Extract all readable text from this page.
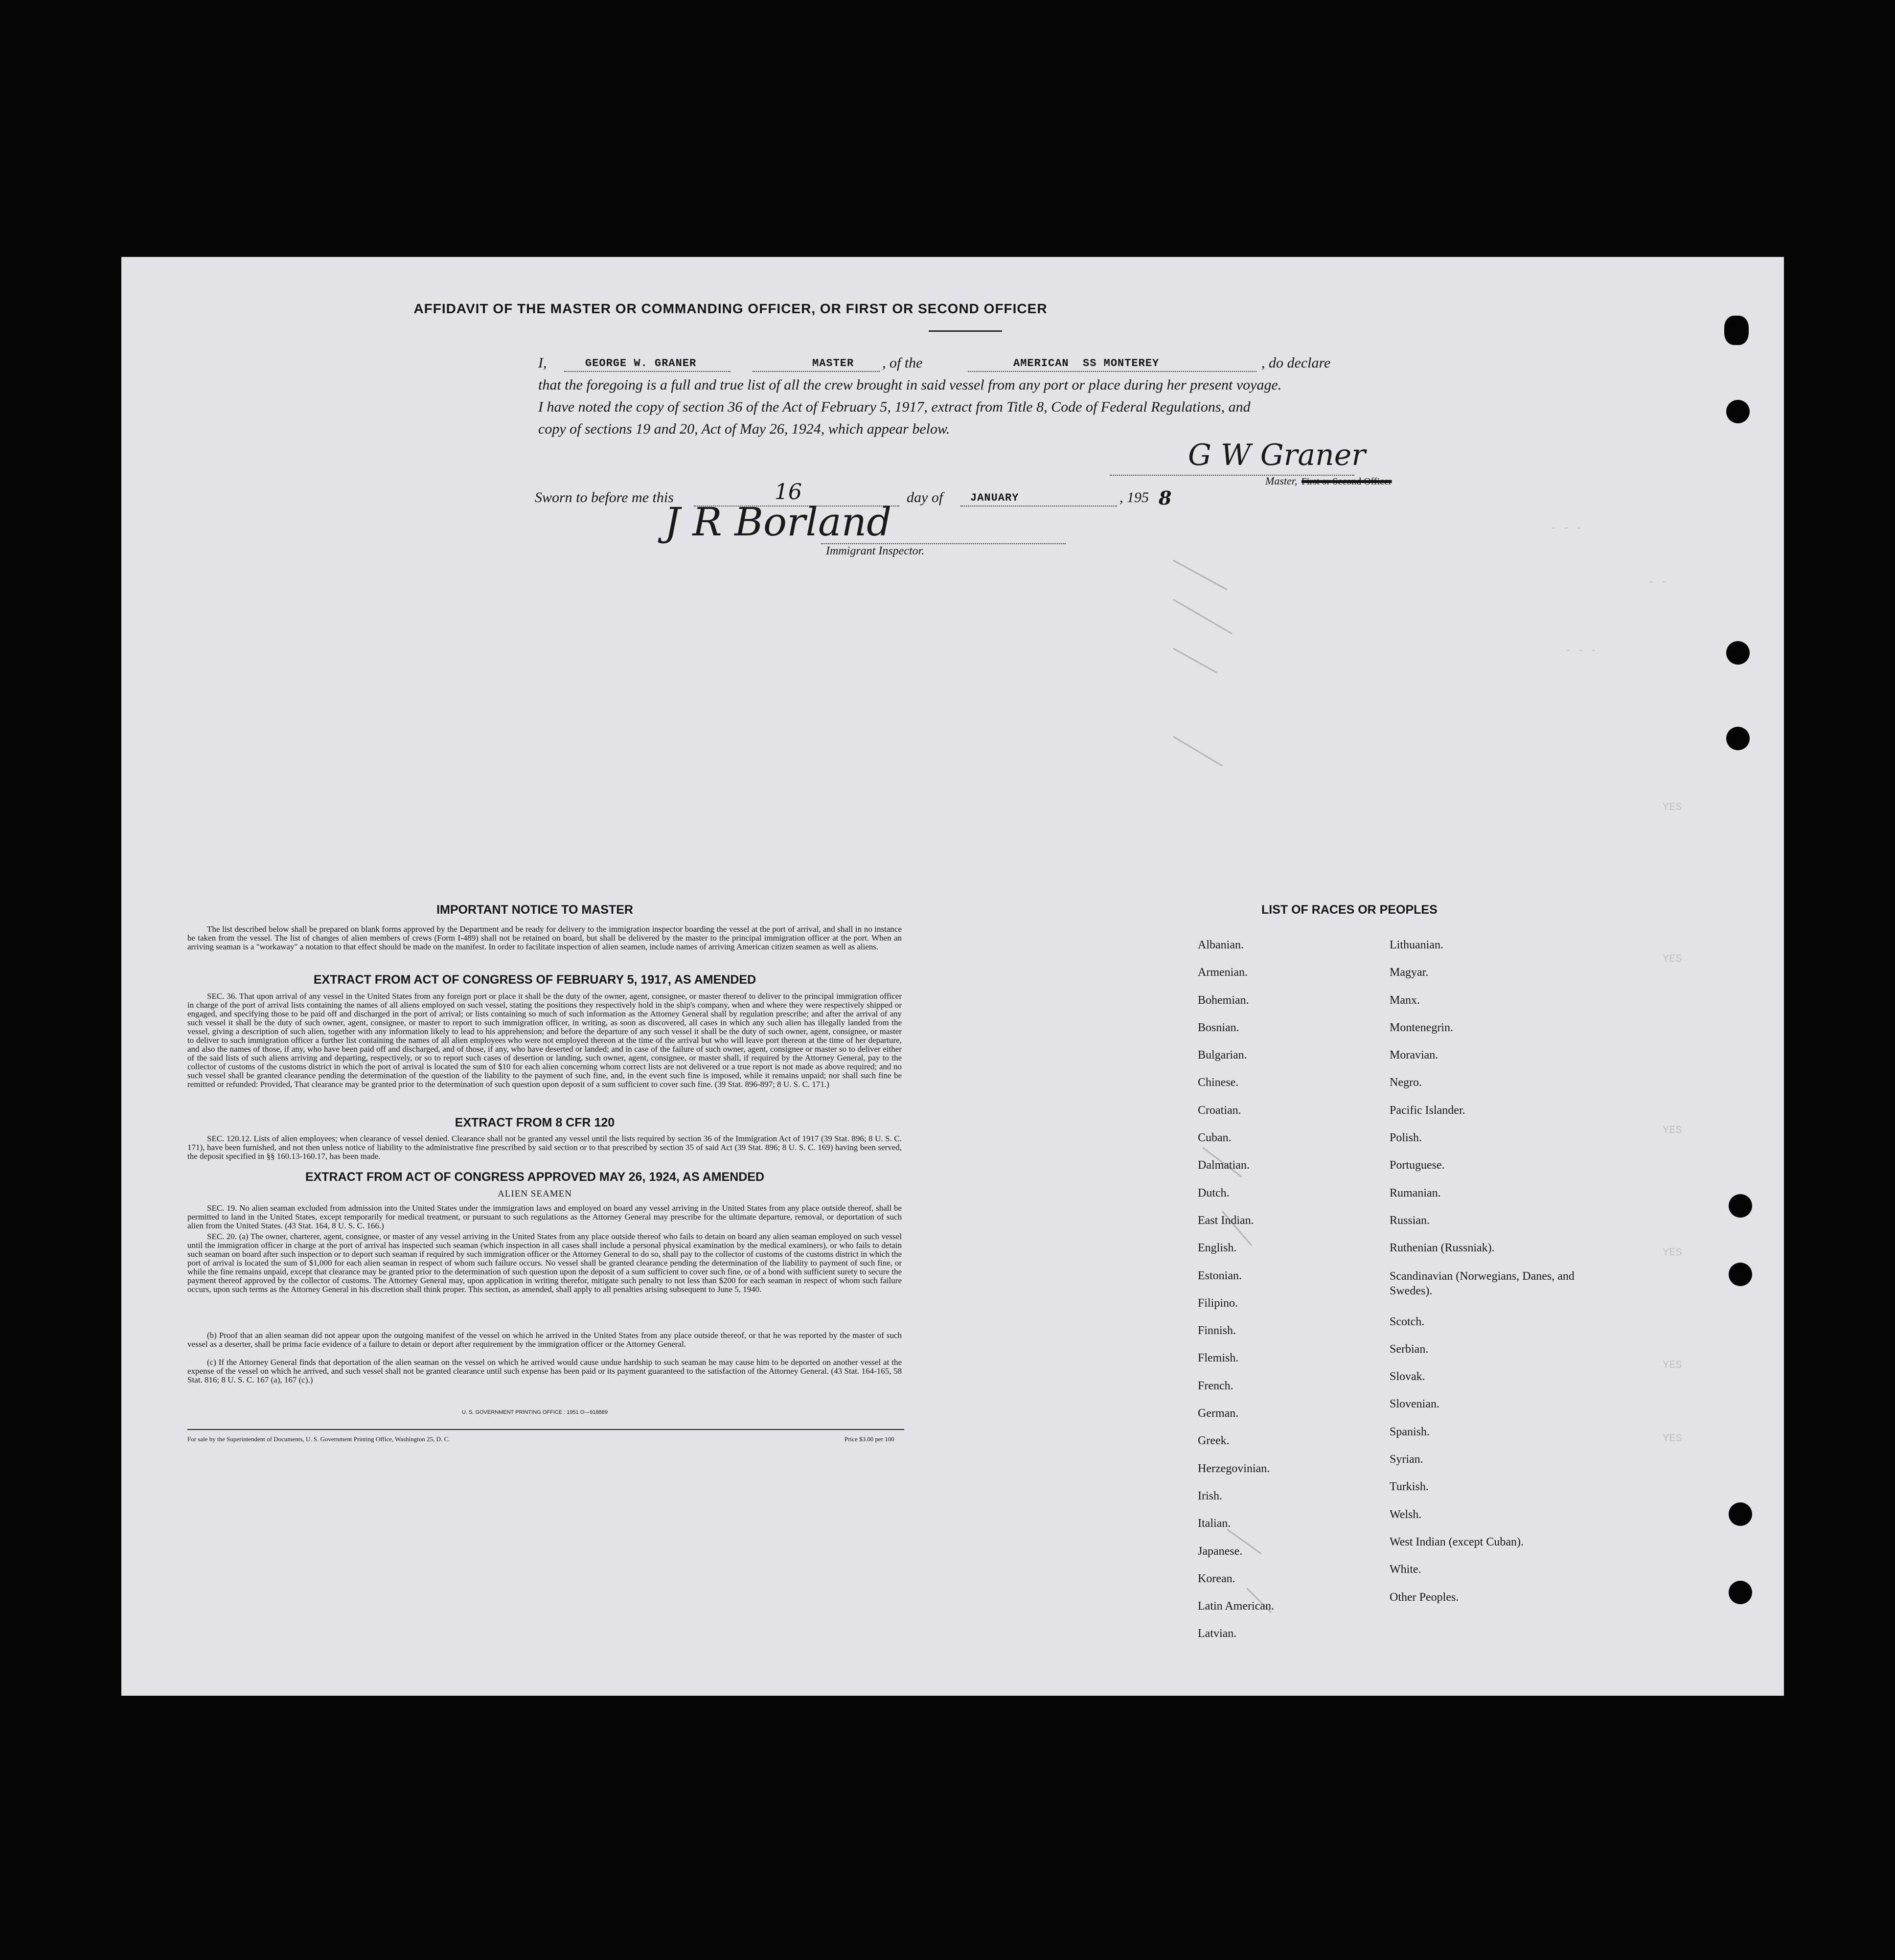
AFFIDAVIT OF THE MASTER OR COMMANDING OFFICER, OR FIRST OR SECOND OFFICER
I,	GEORGE W. GRANER	MASTER , of the	AMERICAN  SS MONTEREY	, do declare
that the foregoing is a full and true list of all the crew brought in said vessel from any port or place during her present voyage.
I have noted the copy of section 36 of the Act of February 5, 1917, extract from Title 8, Code of Federal Regulations, and
copy of sections 19 and 20, Act of May 26, 1924, which appear below.
G W Graner
Master, First or Second Officer
Sworn to before me this	16	day of	JANUARY	, 195 8
J R Borland
Immigrant Inspector.
- - -
- -
- - -
YES
YES
YES
YES
YES
YES
IMPORTANT NOTICE TO MASTER
The list described below shall be prepared on blank forms approved by the Department and be ready for delivery to the immigration inspector boarding the vessel at the port of arrival, and shall in no instance be taken from the vessel. The list of changes of alien members of crews (Form I-489) shall not be retained on board, but shall be delivered by the master to the principal immigration officer at the port. When an arriving seaman is a "workaway" a notation to that effect should be made on the manifest. In order to facilitate inspection of alien seamen, include names of arriving American citizen seamen as well as aliens.
EXTRACT FROM ACT OF CONGRESS OF FEBRUARY 5, 1917, AS AMENDED
SEC. 36. That upon arrival of any vessel in the United States from any foreign port or place it shall be the duty of the owner, agent, consignee, or master thereof to deliver to the principal immigration officer in charge of the port of arrival lists containing the names of all aliens employed on such vessel, stating the positions they respectively hold in the ship's company, when and where they were respectively shipped or engaged, and specifying those to be paid off and discharged in the port of arrival; or lists containing so much of such information as the Attorney General shall by regulation prescribe; and after the arrival of any such vessel it shall be the duty of such owner, agent, consignee, or master to report to such immigration officer, in writing, as soon as discovered, all cases in which any such alien has illegally landed from the vessel, giving a description of such alien, together with any information likely to lead to his apprehension; and before the departure of any such vessel it shall be the duty of such owner, agent, consignee, or master to deliver to such immigration officer a further list containing the names of all alien employees who were not employed thereon at the time of the arrival but who will leave port thereon at the time of her departure, and also the names of those, if any, who have been paid off and discharged, and of those, if any, who have deserted or landed; and in case of the failure of such owner, agent, consignee or master so to deliver either of the said lists of such aliens arriving and departing, respectively, or so to report such cases of desertion or landing, such owner, agent, consignee, or master shall, if required by the Attorney General, pay to the collector of customs of the customs district in which the port of arrival is located the sum of $10 for each alien concerning whom correct lists are not delivered or a true report is not made as above required; and no such vessel shall be granted clearance pending the determination of the question of the liability to the payment of such fine, and, in the event such fine is imposed, while it remains unpaid; nor shall such fine be remitted or refunded: Provided, That clearance may be granted prior to the determination of such question upon deposit of a sum sufficient to cover such fine. (39 Stat. 896-897; 8 U. S. C. 171.)
EXTRACT FROM 8 CFR 120
SEC. 120.12. Lists of alien employees; when clearance of vessel denied. Clearance shall not be granted any vessel until the lists required by section 36 of the Immigration Act of 1917 (39 Stat. 896; 8 U. S. C. 171), have been furnished, and not then unless notice of liability to the administrative fine prescribed by said section or to that prescribed by section 35 of said Act (39 Stat. 896; 8 U. S. C. 169) having been served, the deposit specified in §§ 160.13-160.17, has been made.
EXTRACT FROM ACT OF CONGRESS APPROVED MAY 26, 1924, AS AMENDED
ALIEN SEAMEN
SEC. 19. No alien seaman excluded from admission into the United States under the immigration laws and employed on board any vessel arriving in the United States from any place outside thereof, shall be permitted to land in the United States, except temporarily for medical treatment, or pursuant to such regulations as the Attorney General may prescribe for the ultimate departure, removal, or deportation of such alien from the United States. (43 Stat. 164, 8 U. S. C. 166.)
SEC. 20. (a) The owner, charterer, agent, consignee, or master of any vessel arriving in the United States from any place outside thereof who fails to detain on board any alien seaman employed on such vessel until the immigration officer in charge at the port of arrival has inspected such seaman (which inspection in all cases shall include a personal physical examination by the medical examiners), or who fails to detain such seaman on board after such inspection or to deport such seaman if required by such immigration officer or the Attorney General to do so, shall pay to the collector of customs of the customs district in which the port of arrival is located the sum of $1,000 for each alien seaman in respect of whom such failure occurs. No vessel shall be granted clearance pending the determination of the liability to payment of such fine, or while the fine remains unpaid, except that clearance may be granted prior to the determination of such question upon the deposit of a sum sufficient to cover such fine, or of a bond with sufficient surety to secure the payment thereof approved by the collector of customs. The Attorney General may, upon application in writing therefor, mitigate such penalty to not less than $200 for each seaman in respect of whom such failure occurs, upon such terms as the Attorney General in his discretion shall think proper. This section, as amended, shall apply to all penalties arising subsequent to June 5, 1940.
(b) Proof that an alien seaman did not appear upon the outgoing manifest of the vessel on which he arrived in the United States from any place outside thereof, or that he was reported by the master of such vessel as a deserter, shall be prima facie evidence of a failure to detain or deport after requirement by the immigration officer or the Attorney General.
(c) If the Attorney General finds that deportation of the alien seaman on the vessel on which he arrived would cause undue hardship to such seaman he may cause him to be deported on another vessel at the expense of the vessel on which he arrived, and such vessel shall not be granted clearance until such expense has been paid or its payment guaranteed to the satisfaction of the Attorney General. (43 Stat. 164-165, 58 Stat. 816; 8 U. S. C. 167 (a), 167 (c).)
U. S. GOVERNMENT PRINTING OFFICE : 1951 O—918889
For sale by the Superintendent of Documents, U. S. Government Printing Office, Washington 25, D. C.	Price $3.00 per 100
LIST OF RACES OR PEOPLES
Albanian.
Armenian.
Bohemian.
Bosnian.
Bulgarian.
Chinese.
Croatian.
Cuban.
Dalmatian.
Dutch.
East Indian.
English.
Estonian.
Filipino.
Finnish.
Flemish.
French.
German.
Greek.
Herzegovinian.
Irish.
Italian.
Japanese.
Korean.
Latin American.
Latvian.
Lithuanian.
Magyar.
Manx.
Montenegrin.
Moravian.
Negro.
Pacific Islander.
Polish.
Portuguese.
Rumanian.
Russian.
Ruthenian (Russniak).
Scandinavian (Norwegians, Danes, and Swedes).
Scotch.
Serbian.
Slovak.
Slovenian.
Spanish.
Syrian.
Turkish.
Welsh.
West Indian (except Cuban).
White.
Other Peoples.
